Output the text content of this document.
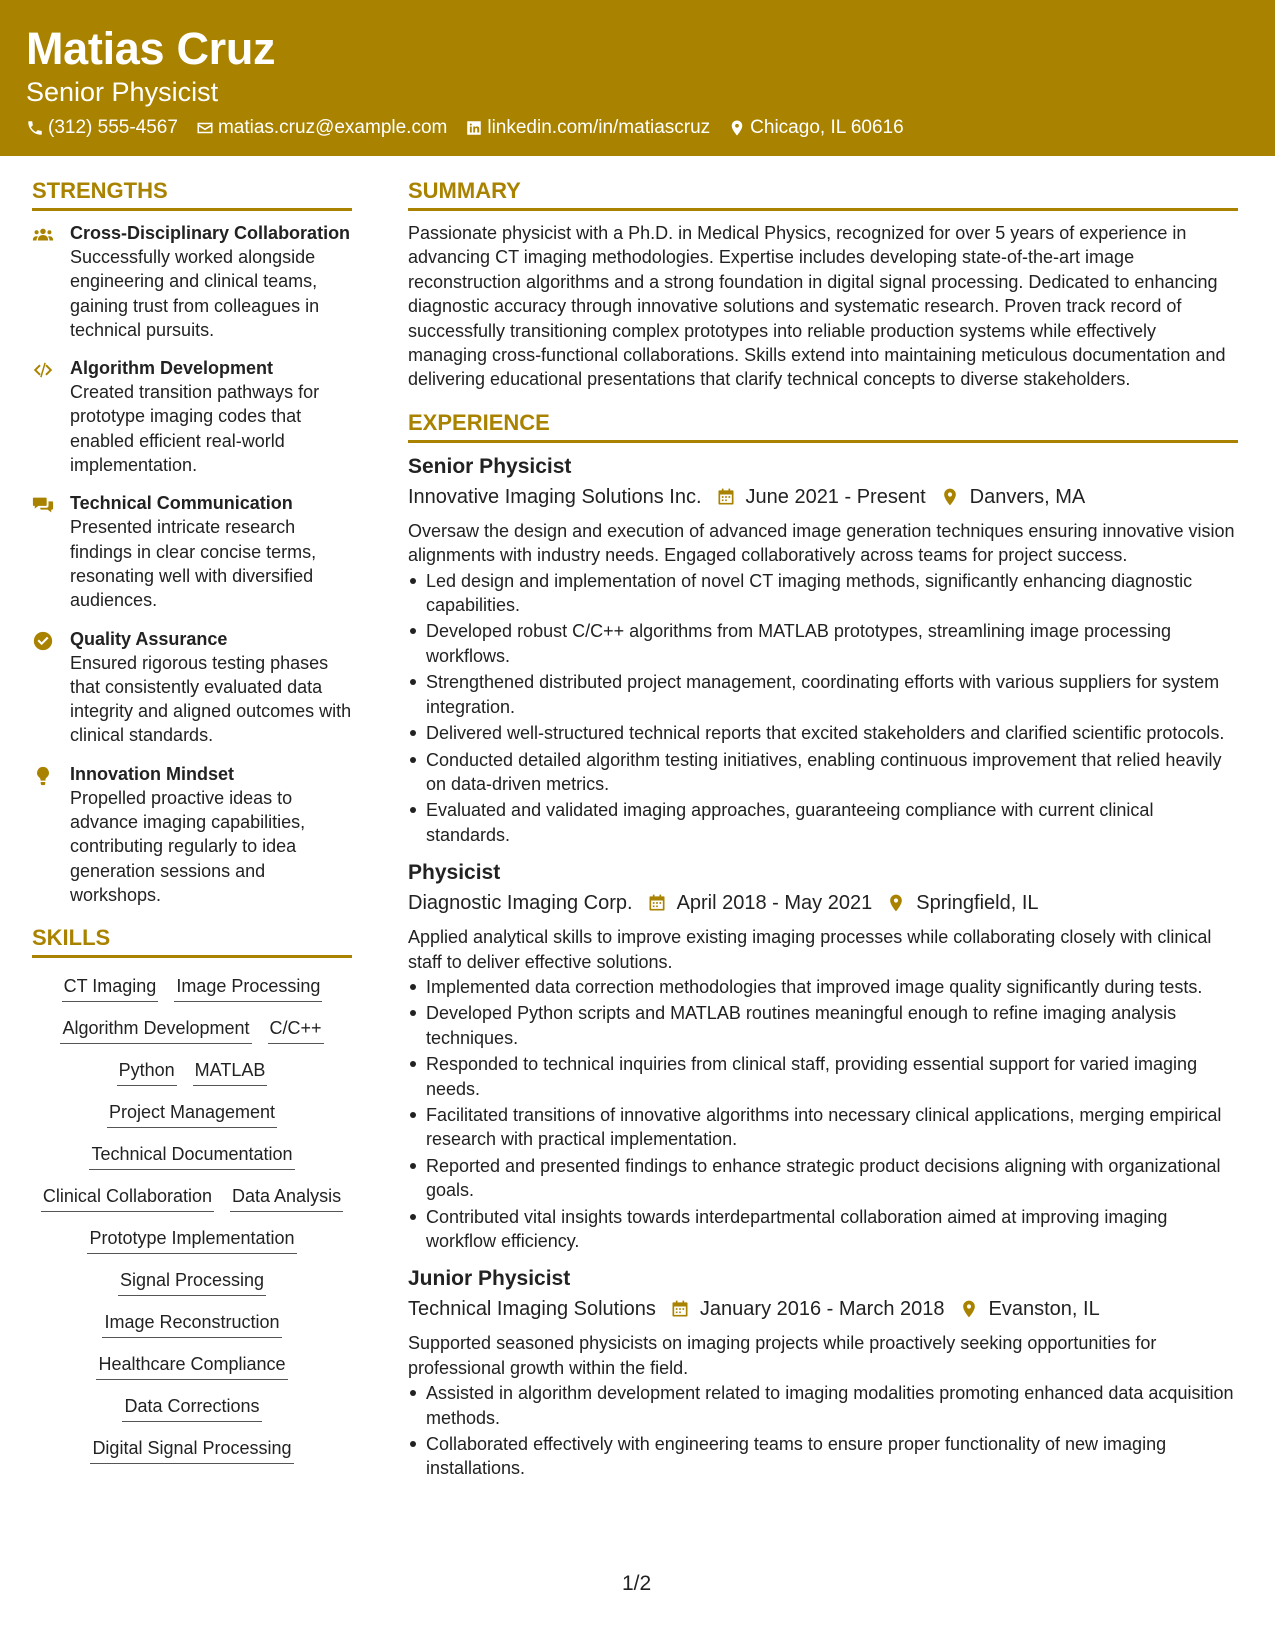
Matias Cruz
Senior Physicist
(312) 555-4567 matias.cruz@example.com linkedin.com/in/matiascruz Chicago, IL 60616
STRENGTHS
Cross-Disciplinary Collaboration
Successfully worked alongside engineering and clinical teams, gaining trust from colleagues in technical pursuits.
Algorithm Development
Created transition pathways for prototype imaging codes that enabled efficient real-world implementation.
Technical Communication
Presented intricate research findings in clear concise terms, resonating well with diversified audiences.
Quality Assurance
Ensured rigorous testing phases that consistently evaluated data integrity and aligned outcomes with clinical standards.
Innovation Mindset
Propelled proactive ideas to advance imaging capabilities, contributing regularly to idea generation sessions and workshops.
SKILLS
CT Imaging Image Processing
Algorithm Development C/C++
Python MATLAB
Project Management
Technical Documentation
Clinical Collaboration Data Analysis
Prototype Implementation
Signal Processing
Image Reconstruction
Healthcare Compliance
Data Corrections
Digital Signal Processing
SUMMARY
Passionate physicist with a Ph.D. in Medical Physics, recognized for over 5 years of experience in advancing CT imaging methodologies. Expertise includes developing state-of-the-art image reconstruction algorithms and a strong foundation in digital signal processing. Dedicated to enhancing diagnostic accuracy through innovative solutions and systematic research. Proven track record of successfully transitioning complex prototypes into reliable production systems while effectively managing cross-functional collaborations. Skills extend into maintaining meticulous documentation and delivering educational presentations that clarify technical concepts to diverse stakeholders.
EXPERIENCE
Senior Physicist
Innovative Imaging Solutions Inc. June 2021 - Present Danvers, MA
Oversaw the design and execution of advanced image generation techniques ensuring innovative vision alignments with industry needs. Engaged collaboratively across teams for project success.
Led design and implementation of novel CT imaging methods, significantly enhancing diagnostic capabilities.
Developed robust C/C++ algorithms from MATLAB prototypes, streamlining image processing workflows.
Strengthened distributed project management, coordinating efforts with various suppliers for system integration.
Delivered well-structured technical reports that excited stakeholders and clarified scientific protocols.
Conducted detailed algorithm testing initiatives, enabling continuous improvement that relied heavily on data-driven metrics.
Evaluated and validated imaging approaches, guaranteeing compliance with current clinical standards.
Physicist
Diagnostic Imaging Corp. April 2018 - May 2021 Springfield, IL
Applied analytical skills to improve existing imaging processes while collaborating closely with clinical staff to deliver effective solutions.
Implemented data correction methodologies that improved image quality significantly during tests.
Developed Python scripts and MATLAB routines meaningful enough to refine imaging analysis techniques.
Responded to technical inquiries from clinical staff, providing essential support for varied imaging needs.
Facilitated transitions of innovative algorithms into necessary clinical applications, merging empirical research with practical implementation.
Reported and presented findings to enhance strategic product decisions aligning with organizational goals.
Contributed vital insights towards interdepartmental collaboration aimed at improving imaging workflow efficiency.
Junior Physicist
Technical Imaging Solutions January 2016 - March 2018 Evanston, IL
Supported seasoned physicists on imaging projects while proactively seeking opportunities for professional growth within the field.
Assisted in algorithm development related to imaging modalities promoting enhanced data acquisition methods.
Collaborated effectively with engineering teams to ensure proper functionality of new imaging installations.
1/2
